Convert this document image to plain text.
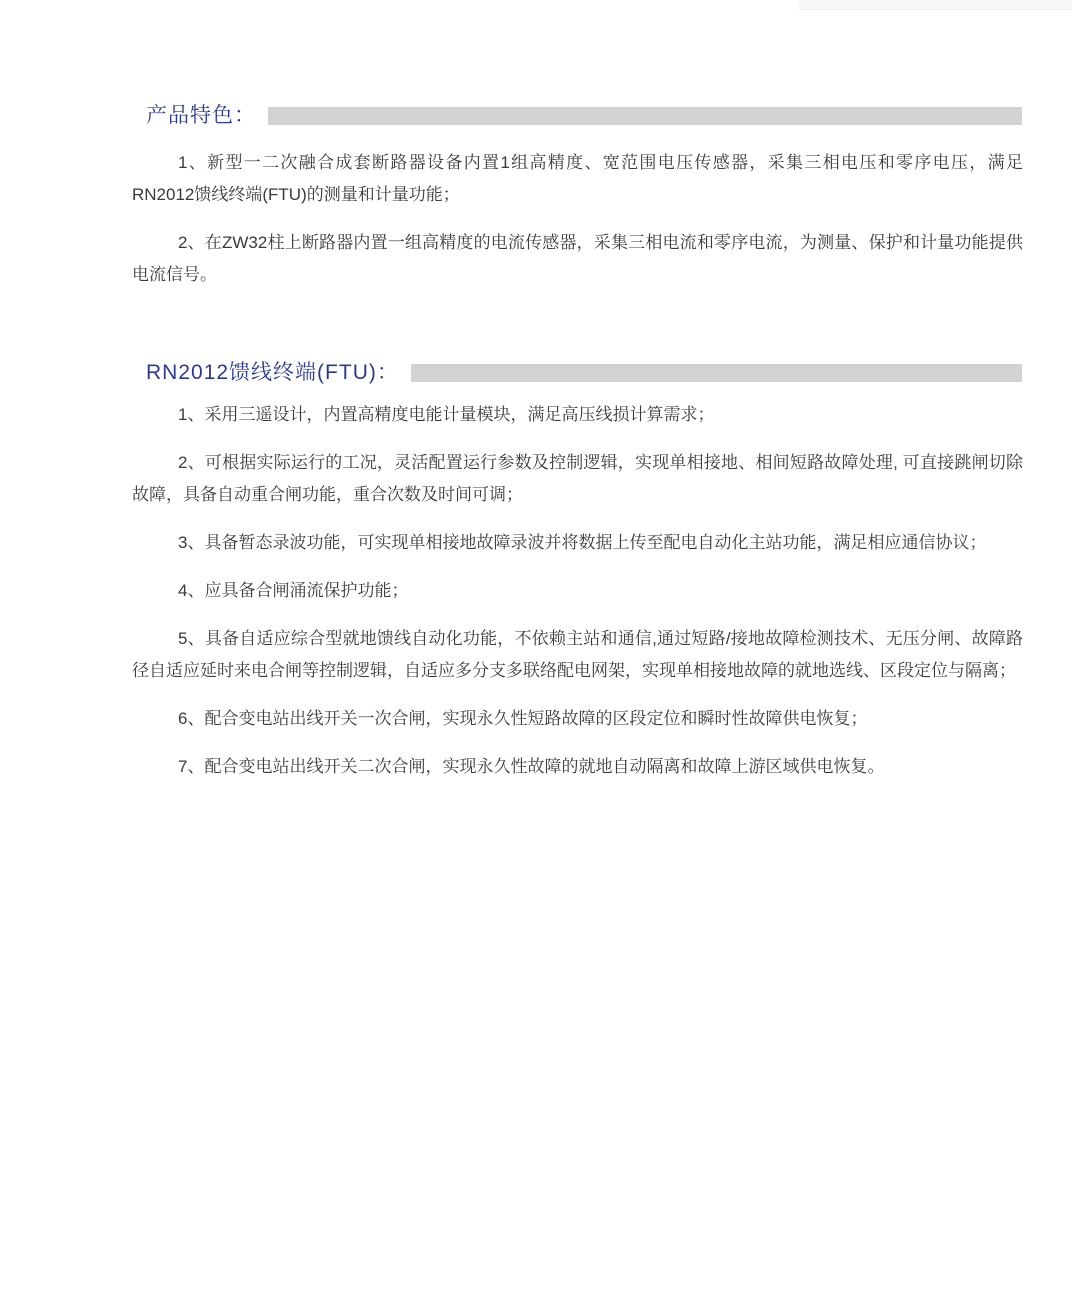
产品特色：

1、新型一二次融合成套断路器设备内置1组高精度、宽范围电压传感器，采集三相电压和零序电压，满足RN2012馈线终端(FTU)的测量和计量功能；

2、在ZW32柱上断路器内置一组高精度的电流传感器，采集三相电流和零序电流，为测量、保护和计量功能提供电流信号。

RN2012馈线终端(FTU)：

1、采用三遥设计，内置高精度电能计量模块，满足高压线损计算需求；

2、可根据实际运行的工况，灵活配置运行参数及控制逻辑，实现单相接地、相间短路故障处理, 可直接跳闸切除故障，具备自动重合闸功能，重合次数及时间可调；

3、具备暂态录波功能，可实现单相接地故障录波并将数据上传至配电自动化主站功能，满足相应通信协议；

4、应具备合闸涌流保护功能；

5、具备自适应综合型就地馈线自动化功能，不依赖主站和通信,通过短路/接地故障检测技术、无压分闸、故障路径自适应延时来电合闸等控制逻辑，自适应多分支多联络配电网架，实现单相接地故障的就地选线、区段定位与隔离；

6、配合变电站出线开关一次合闸，实现永久性短路故障的区段定位和瞬时性故障供电恢复；

7、配合变电站出线开关二次合闸，实现永久性故障的就地自动隔离和故障上游区域供电恢复。
